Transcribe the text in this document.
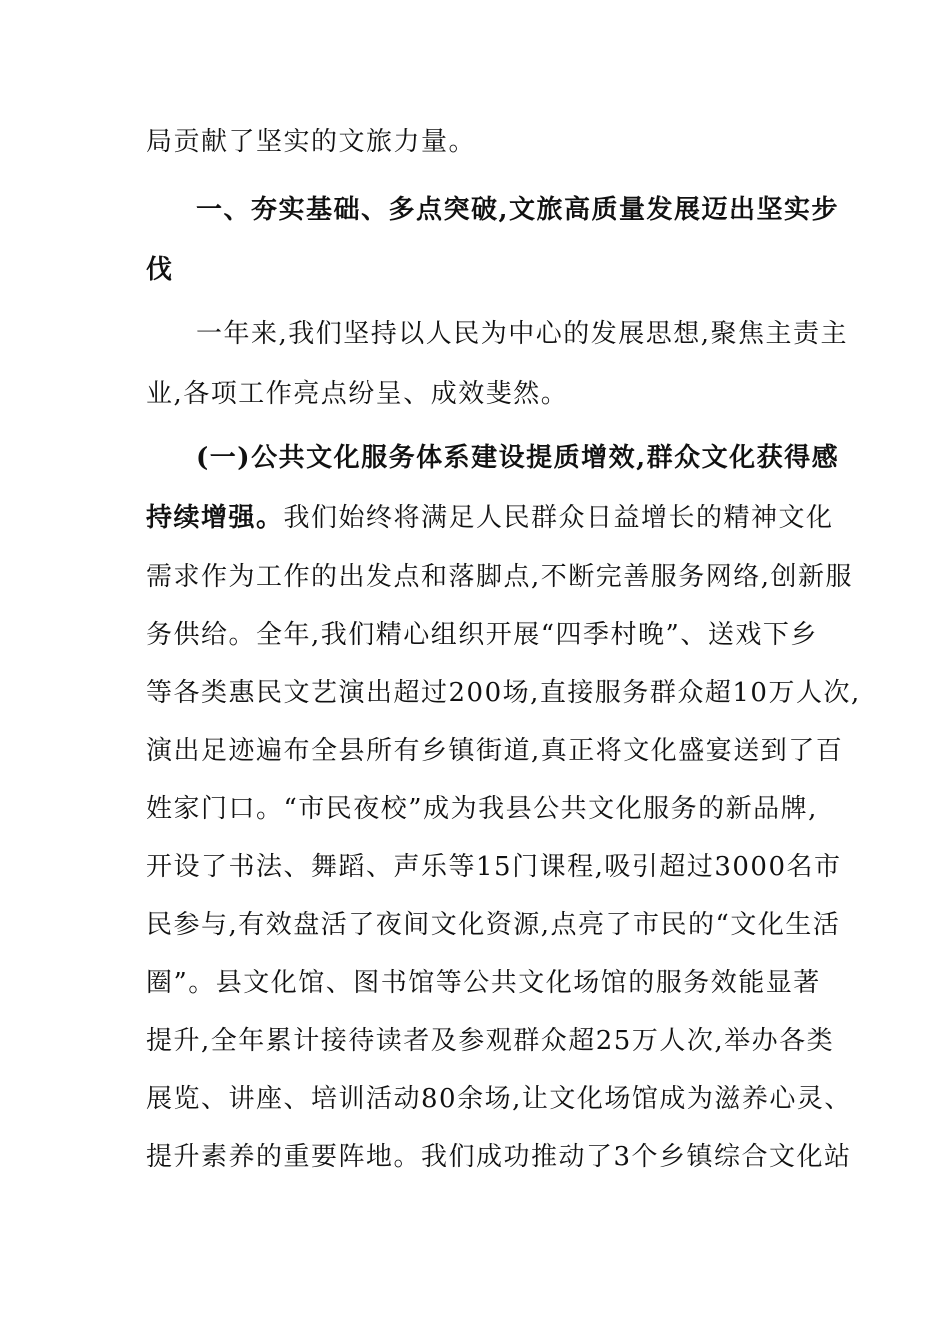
局贡献了坚实的文旅力量。
一、夯实基础、多点突破,文旅高质量发展迈出坚实步
伐
一年来,我们坚持以人民为中心的发展思想,聚焦主责主
业,各项工作亮点纷呈、成效斐然。
(一)公共文化服务体系建设提质增效,群众文化获得感
持续增强。我们始终将满足人民群众日益增长的精神文化
需求作为工作的出发点和落脚点,不断完善服务网络,创新服
务供给。全年,我们精心组织开展“四季村晚”、送戏下乡
等各类惠民文艺演出超过200场,直接服务群众超10万人次,
演出足迹遍布全县所有乡镇街道,真正将文化盛宴送到了百
姓家门口。“市民夜校”成为我县公共文化服务的新品牌,
开设了书法、舞蹈、声乐等15门课程,吸引超过3000名市
民参与,有效盘活了夜间文化资源,点亮了市民的“文化生活
圈”。县文化馆、图书馆等公共文化场馆的服务效能显著
提升,全年累计接待读者及参观群众超25万人次,举办各类
展览、讲座、培训活动80余场,让文化场馆成为滋养心灵、
提升素养的重要阵地。我们成功推动了3个乡镇综合文化站
